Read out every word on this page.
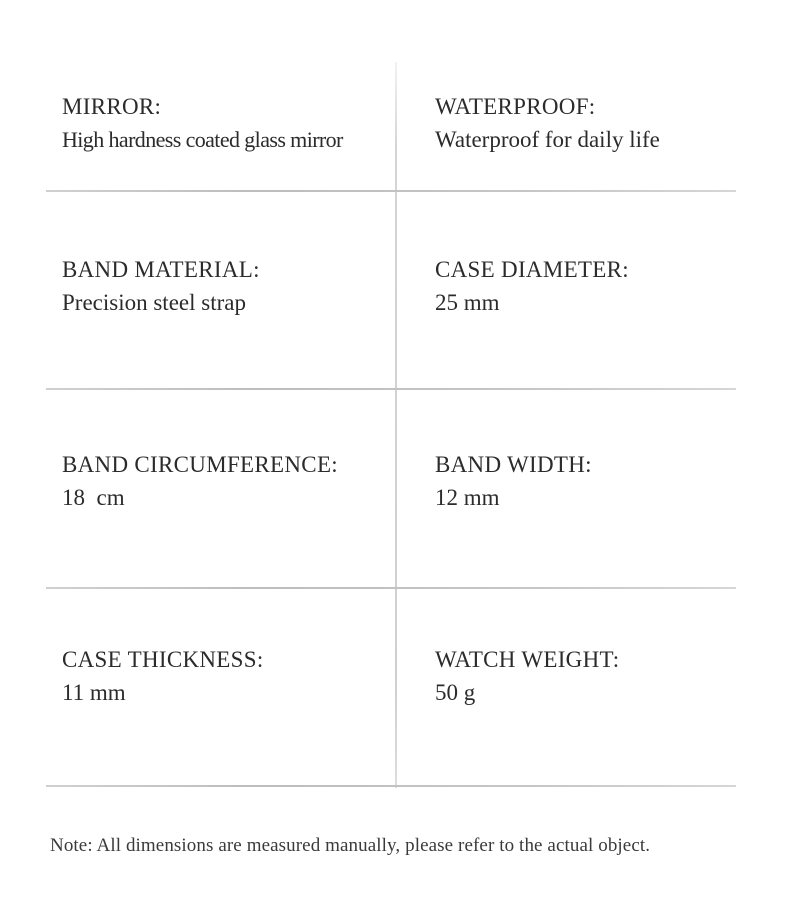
MIRROR:
High hardness coated glass mirror
WATERPROOF:
Waterproof for daily life
BAND MATERIAL:
Precision steel strap
CASE DIAMETER:
25 mm
BAND CIRCUMFERENCE:
18  cm
BAND WIDTH:
12 mm
CASE THICKNESS:
11 mm
WATCH WEIGHT:
50 g
Note: All dimensions are measured manually, please refer to the actual object.
